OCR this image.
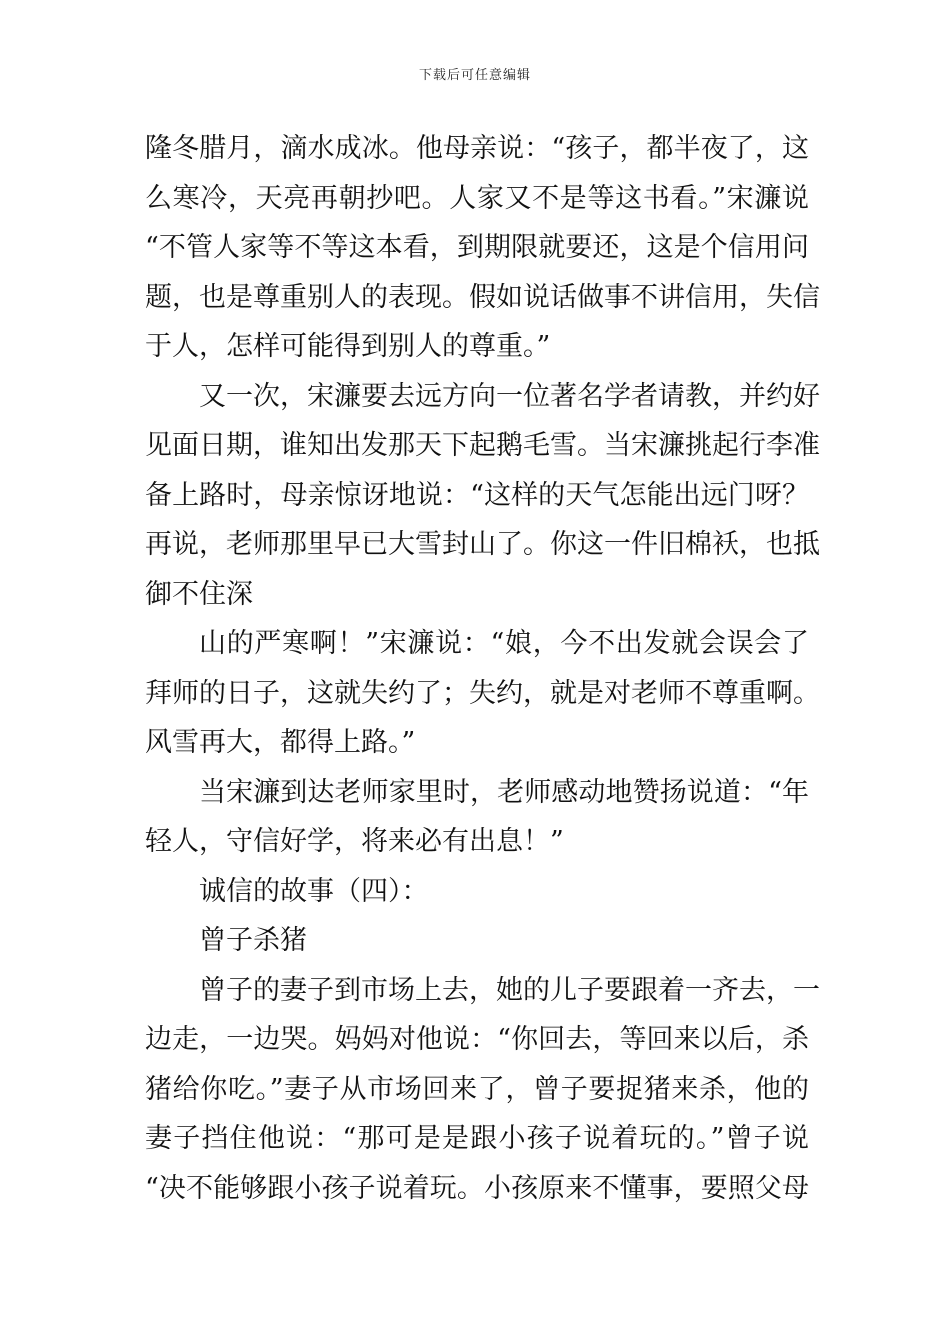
下载后可任意编辑
隆冬腊月，滴水成冰。他母亲说：“孩子，都半夜了，这
么寒冷，天亮再朝抄吧。人家又不是等这书看。”宋濂说
“不管人家等不等这本看，到期限就要还，这是个信用问
题，也是尊重别人的表现。假如说话做事不讲信用，失信
于人，怎样可能得到别人的尊重。”
又一次，宋濂要去远方向一位著名学者请教，并约好
见面日期，谁知出发那天下起鹅毛雪。当宋濂挑起行李准
备上路时，母亲惊讶地说：“这样的天气怎能出远门呀？
再说，老师那里早已大雪封山了。你这一件旧棉袄，也抵
御不住深
山的严寒啊！”宋濂说：“娘，今不出发就会误会了
拜师的日子，这就失约了；失约，就是对老师不尊重啊。
风雪再大，都得上路。”
当宋濂到达老师家里时，老师感动地赞扬说道：“年
轻人，守信好学，将来必有出息！”
诚信的故事（四）：
曾子杀猪
曾子的妻子到市场上去，她的儿子要跟着一齐去，一
边走，一边哭。妈妈对他说：“你回去，等回来以后，杀
猪给你吃。”妻子从市场回来了，曾子要捉猪来杀，他的
妻子挡住他说：“那可是是跟小孩子说着玩的。”曾子说
“决不能够跟小孩子说着玩。小孩原来不懂事，要照父母
